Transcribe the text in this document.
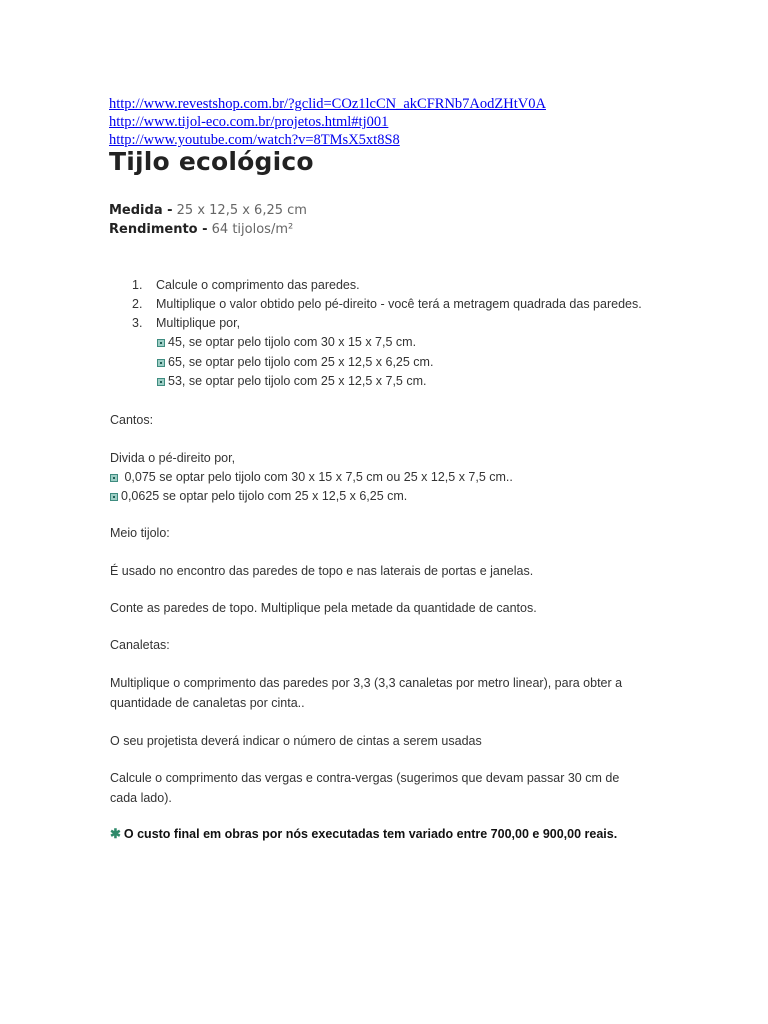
http://www.revestshop.com.br/?gclid=COz1lcCN_akCFRNb7AodZHtV0A
http://www.tijol-eco.com.br/projetos.html#tj001
http://www.youtube.com/watch?v=8TMsX5xt8S8
Tijlo ecológico
Medida - 25 x 12,5 x 6,25 cm
Rendimento - 64 tijolos/m²
1. Calcule o comprimento das paredes.
2. Multiplique o valor obtido pelo pé-direito - você terá a metragem quadrada das paredes.
3. Multiplique por,
45, se optar pelo tijolo com 30 x 15 x 7,5 cm.
65, se optar pelo tijolo com 25 x 12,5 x 6,25 cm.
53, se optar pelo tijolo com 25 x 12,5 x 7,5 cm.
Cantos:
Divida o pé-direito por,
0,075 se optar pelo tijolo com 30 x 15 x 7,5 cm ou 25 x 12,5 x 7,5 cm..
0,0625 se optar pelo tijolo com 25 x 12,5 x 6,25 cm.
Meio tijolo:
É usado no encontro das paredes de topo e nas laterais de portas e janelas.
Conte as paredes de topo. Multiplique pela metade da quantidade de cantos.
Canaletas:
Multiplique o comprimento das paredes por 3,3 (3,3 canaletas por metro linear), para obter a
quantidade de canaletas por cinta..
O seu projetista deverá indicar o número de cintas a serem usadas
Calcule o comprimento das vergas e contra-vergas (sugerimos que devam passar 30 cm de
cada lado).
✱ O custo final em obras por nós executadas tem variado entre 700,00 e 900,00 reais.
